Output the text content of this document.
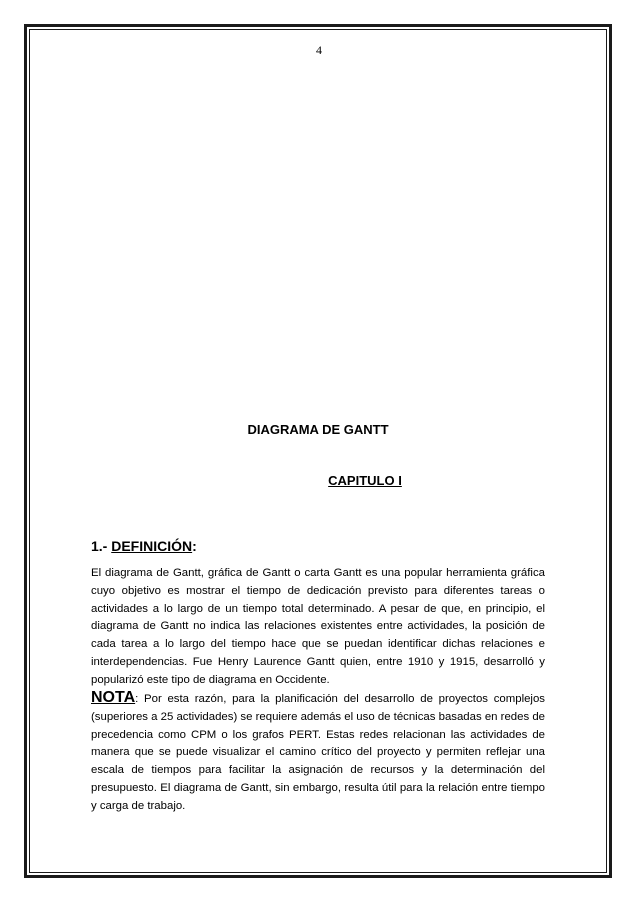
4
DIAGRAMA DE GANTT
CAPITULO I
1.- DEFINICIÓN:

El diagrama de Gantt, gráfica de Gantt o carta Gantt es una popular herramienta gráfica cuyo objetivo es mostrar el tiempo de dedicación previsto para diferentes tareas o actividades a lo largo de un tiempo total determinado. A pesar de que, en principio, el diagrama de Gantt no indica las relaciones existentes entre actividades, la posición de cada tarea a lo largo del tiempo hace que se puedan identificar dichas relaciones e interdependencias. Fue Henry Laurence Gantt quien, entre 1910 y 1915, desarrolló y popularizó este tipo de diagrama en Occidente.

NOTA: Por esta razón, para la planificación del desarrollo de proyectos complejos (superiores a 25 actividades) se requiere además el uso de técnicas basadas en redes de precedencia como CPM o los grafos PERT. Estas redes relacionan las actividades de manera que se puede visualizar el camino crítico del proyecto y permiten reflejar una escala de tiempos para facilitar la asignación de recursos y la determinación del presupuesto. El diagrama de Gantt, sin embargo, resulta útil para la relación entre tiempo y carga de trabajo.
